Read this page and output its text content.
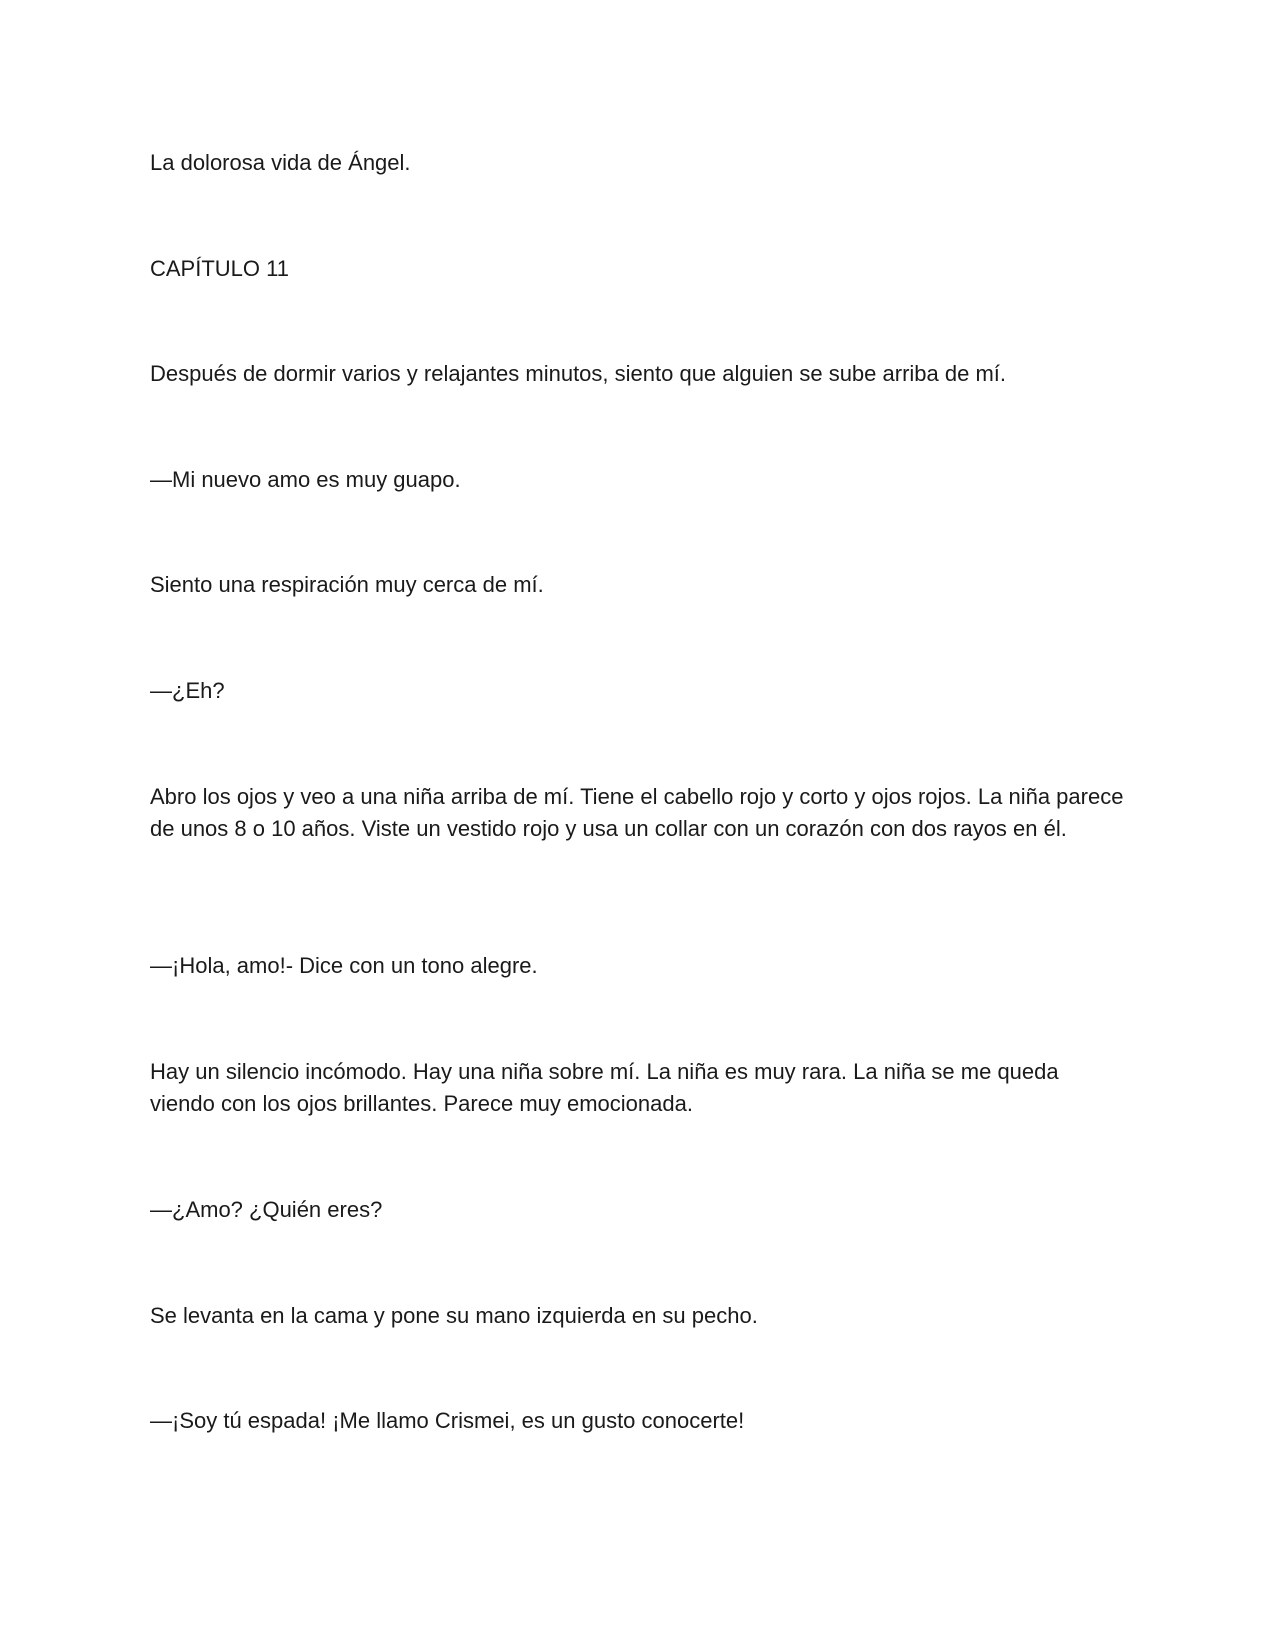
La dolorosa vida de Ángel.

CAPÍTULO 11

Después de dormir varios y relajantes minutos, siento que alguien se sube arriba de mí.

—Mi nuevo amo es muy guapo.

Siento una respiración muy cerca de mí.

—¿Eh?

Abro los ojos y veo a una niña arriba de mí. Tiene el cabello rojo y corto y ojos rojos. La niña parece de unos 8 o 10 años. Viste un vestido rojo y usa un collar con un corazón con dos rayos en él.

—¡Hola, amo!- Dice con un tono alegre.

Hay un silencio incómodo. Hay una niña sobre mí. La niña es muy rara. La niña se me queda viendo con los ojos brillantes. Parece muy emocionada.

—¿Amo? ¿Quién eres?

Se levanta en la cama y pone su mano izquierda en su pecho.

—¡Soy tú espada! ¡Me llamo Crismei, es un gusto conocerte!
